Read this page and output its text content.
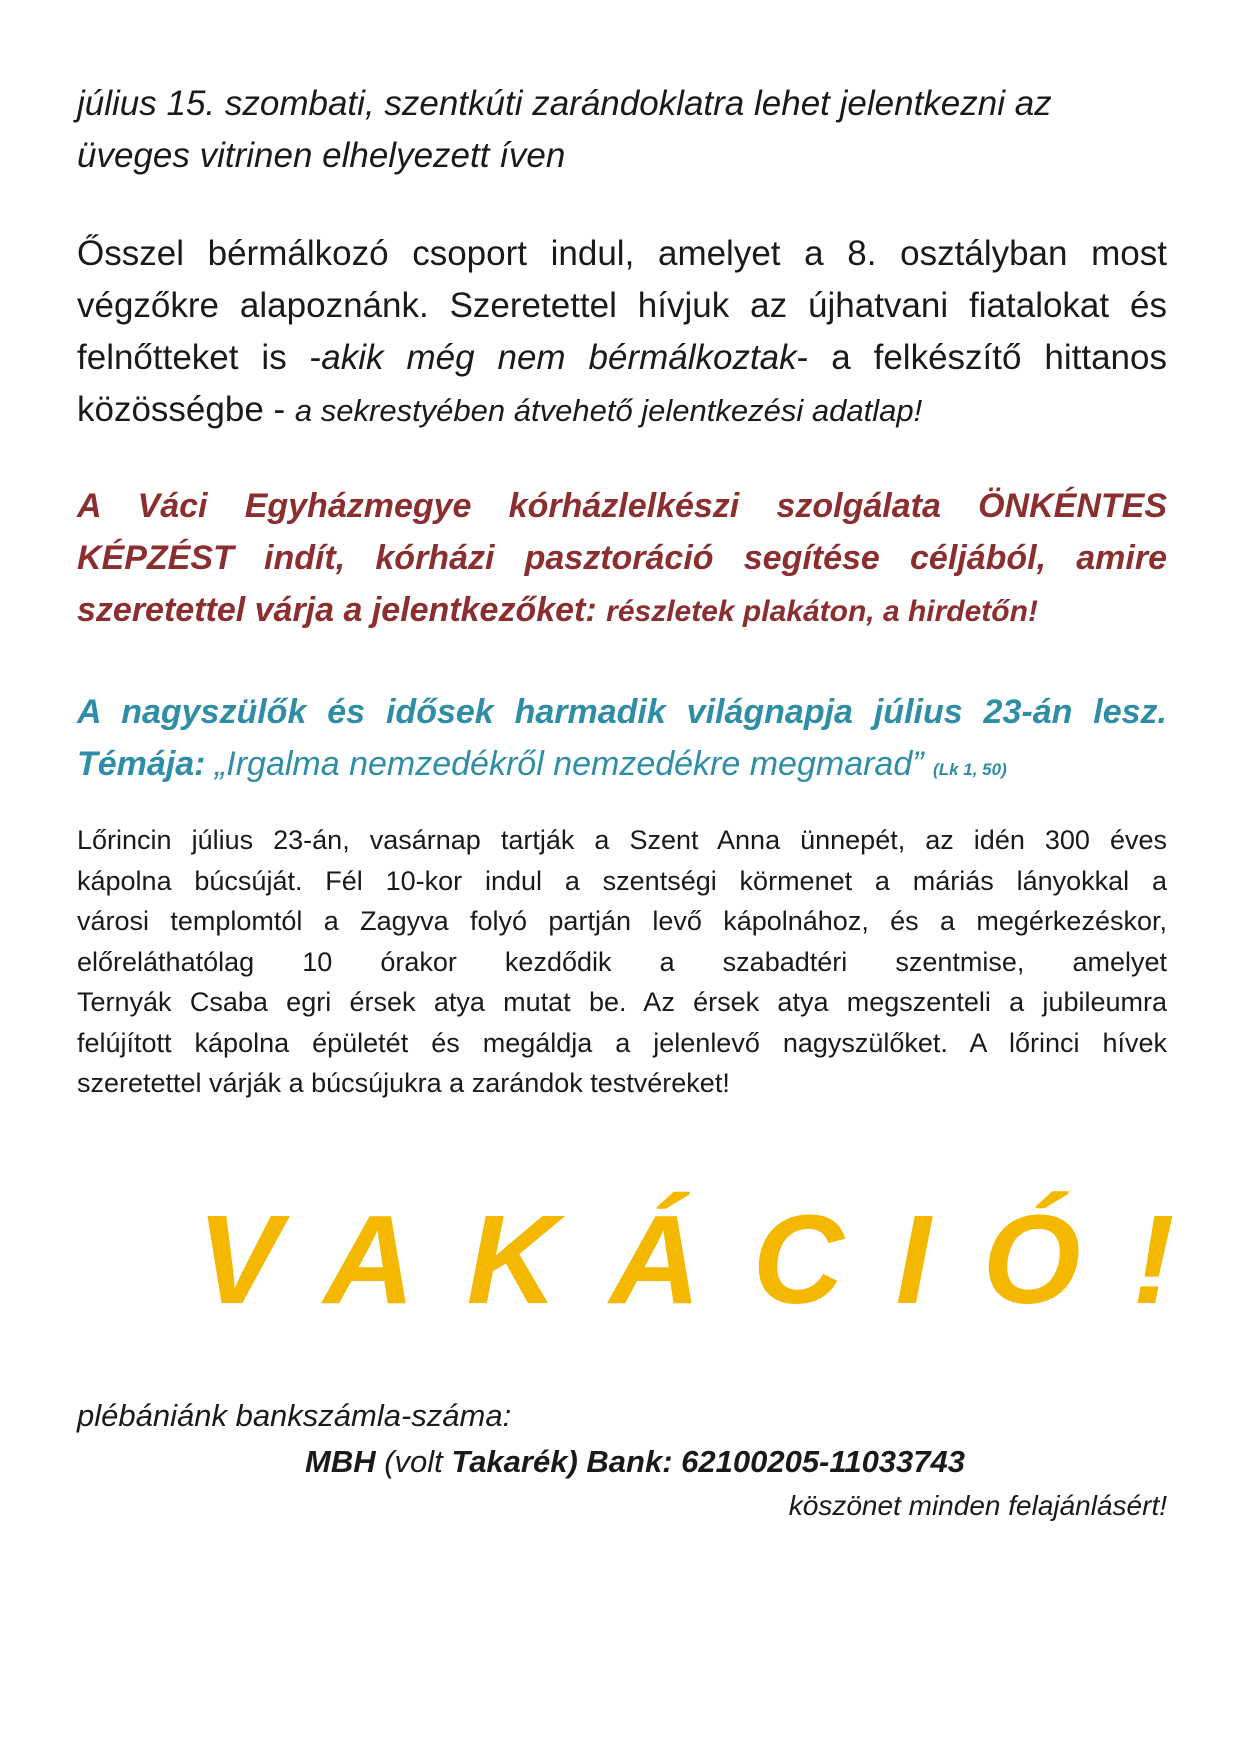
július 15. szombati, szentkúti zarándoklatra lehet jelentkezni az
üveges vitrinen elhelyezett íven
Ősszel bérmálkozó csoport indul, amelyet a 8. osztályban most
végzőkre alapoznánk. Szeretettel hívjuk az újhatvani fiatalokat és
felnőtteket is -akik még nem bérmálkoztak- a felkészítő hittanos
közösségbe - a sekrestyében átvehető jelentkezési adatlap!
A Váci Egyházmegye kórházlelkészi szolgálata ÖNKÉNTES
KÉPZÉST indít, kórházi pasztoráció segítése céljából, amire
szeretettel várja a jelentkezőket: részletek plakáton, a hirdetőn!
A nagyszülők és idősek harmadik világnapja július 23-án lesz.
Témája: „Irgalma nemzedékről nemzedékre megmarad” (Lk 1, 50)
Lőrincin július 23-án, vasárnap tartják a Szent Anna ünnepét, az idén 300 éves
kápolna búcsúját. Fél 10-kor indul a szentségi körmenet a máriás lányokkal a
városi templomtól a Zagyva folyó partján levő kápolnához, és a megérkezéskor,
előreláthatólag 10 órakor kezdődik a szabadtéri szentmise, amelyet
Ternyák Csaba egri érsek atya mutat be. Az érsek atya megszenteli a jubileumra
felújított kápolna épületét és megáldja a jelenlevő nagyszülőket. A lőrinci hívek
szeretettel várják a búcsújukra a zarándok testvéreket!
VAKÁCIÓ!
plébániánk bankszámla-száma:
MBH (volt Takarék) Bank: 62100205-11033743
köszönet minden felajánlásért!
